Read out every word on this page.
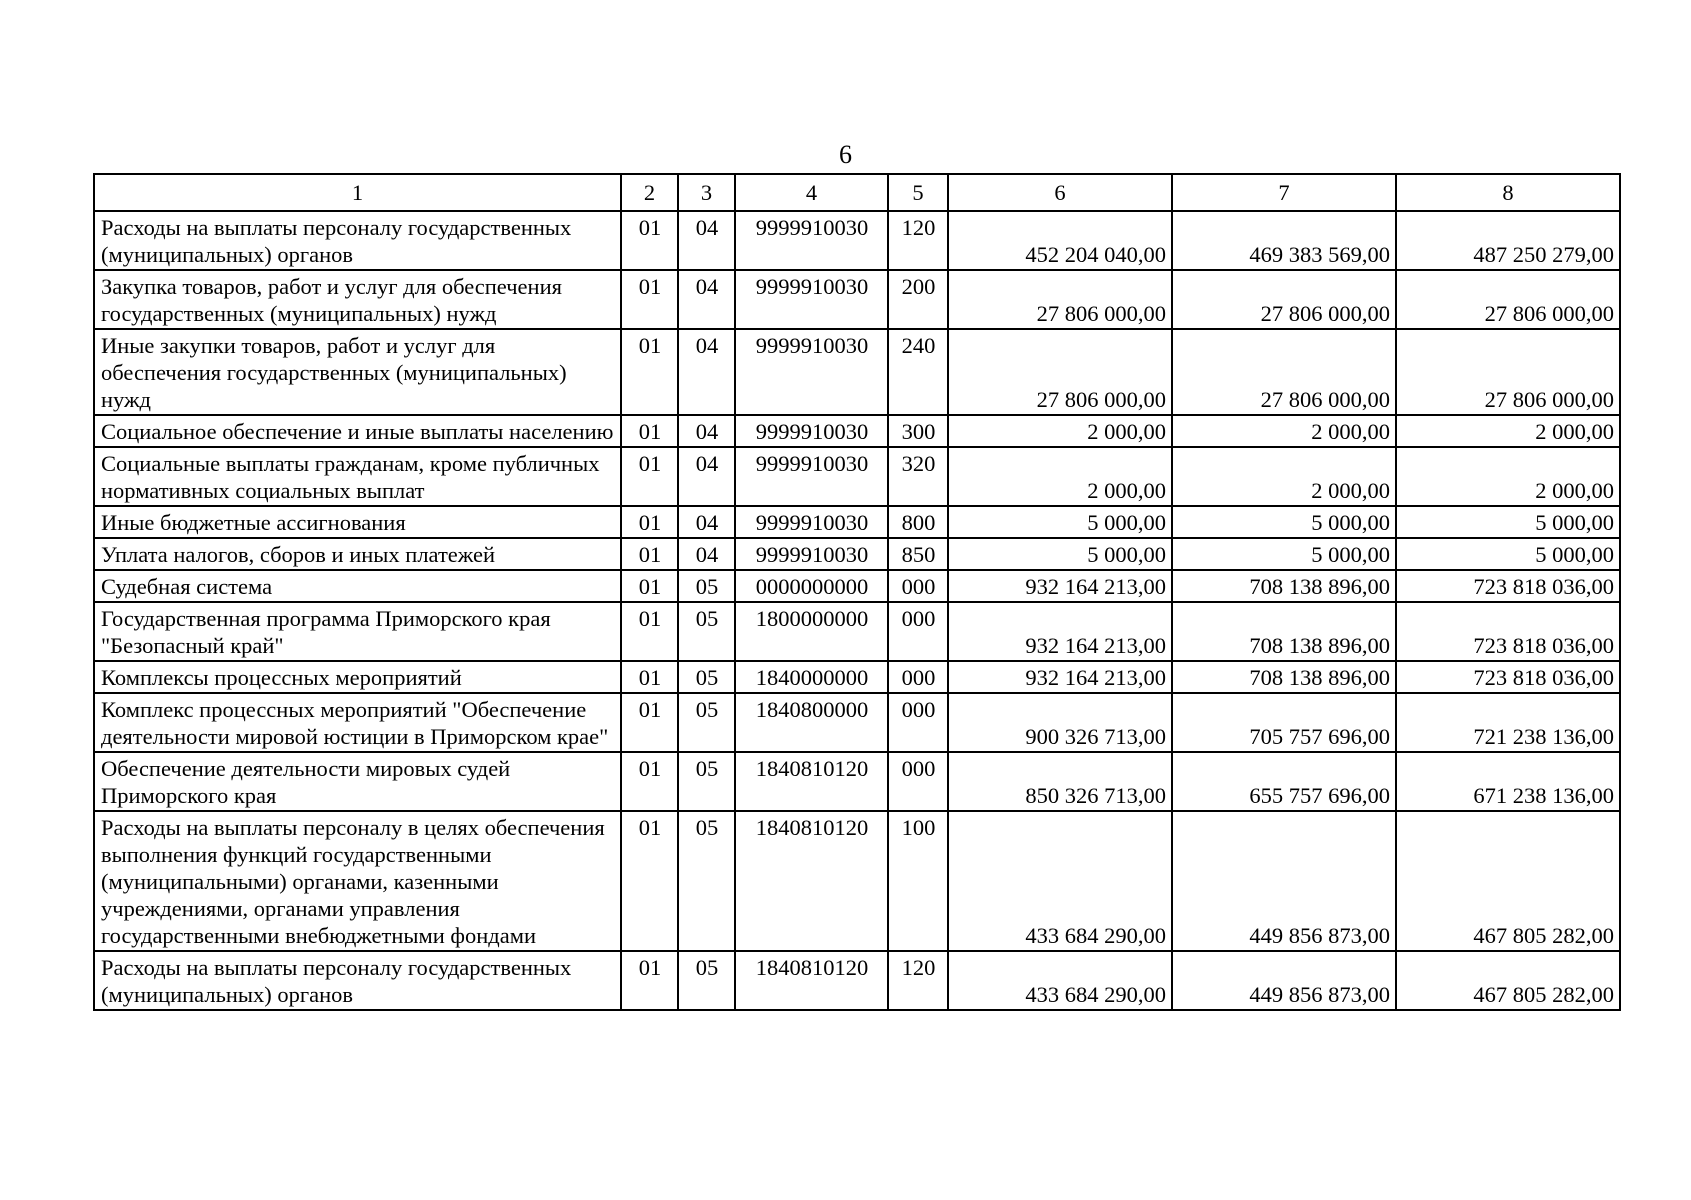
6
1	2	3	4	5	6	7	8
Расходы на выплаты персоналу государственных (муниципальных) органов	01	04	9999910030	120	452 204 040,00	469 383 569,00	487 250 279,00
Закупка товаров, работ и услуг для обеспечения государственных (муниципальных) нужд	01	04	9999910030	200	27 806 000,00	27 806 000,00	27 806 000,00
Иные закупки товаров, работ и услуг для обеспечения государственных (муниципальных) нужд	01	04	9999910030	240	27 806 000,00	27 806 000,00	27 806 000,00
Социальное обеспечение и иные выплаты населению	01	04	9999910030	300	2 000,00	2 000,00	2 000,00
Социальные выплаты гражданам, кроме публичных нормативных социальных выплат	01	04	9999910030	320	2 000,00	2 000,00	2 000,00
Иные бюджетные ассигнования	01	04	9999910030	800	5 000,00	5 000,00	5 000,00
Уплата налогов, сборов и иных платежей	01	04	9999910030	850	5 000,00	5 000,00	5 000,00
Судебная система	01	05	0000000000	000	932 164 213,00	708 138 896,00	723 818 036,00
Государственная программа Приморского края "Безопасный край"	01	05	1800000000	000	932 164 213,00	708 138 896,00	723 818 036,00
Комплексы процессных мероприятий	01	05	1840000000	000	932 164 213,00	708 138 896,00	723 818 036,00
Комплекс процессных мероприятий "Обеспечение деятельности мировой юстиции в Приморском крае"	01	05	1840800000	000	900 326 713,00	705 757 696,00	721 238 136,00
Обеспечение деятельности мировых судей Приморского края	01	05	1840810120	000	850 326 713,00	655 757 696,00	671 238 136,00
Расходы на выплаты персоналу в целях обеспечения выполнения функций государственными (муниципальными) органами, казенными учреждениями, органами управления государственными внебюджетными фондами	01	05	1840810120	100	433 684 290,00	449 856 873,00	467 805 282,00
Расходы на выплаты персоналу государственных (муниципальных) органов	01	05	1840810120	120	433 684 290,00	449 856 873,00	467 805 282,00
